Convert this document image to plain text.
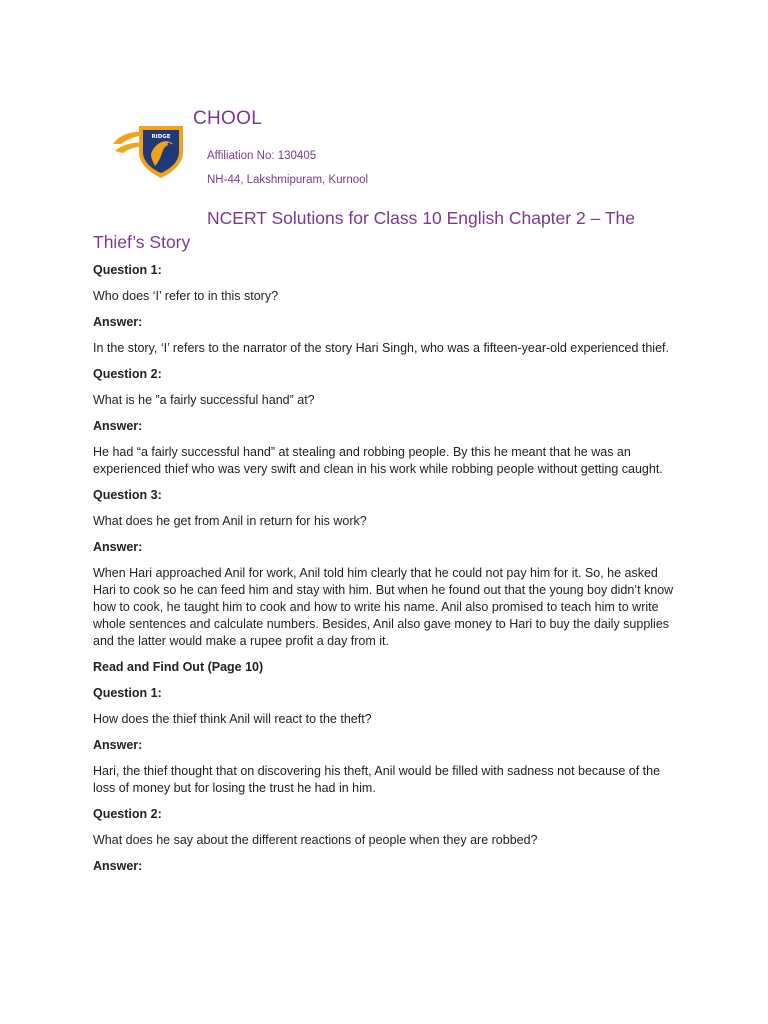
RIDGE
CHOOL
Affiliation No: 130405
NH-44, Lakshmipuram, Kurnool
NCERT Solutions for Class 10 English Chapter 2 – The Thief’s Story

Question 1:

Who does ‘I’ refer to in this story?

Answer:

In the story, ‘I’ refers to the narrator of the story Hari Singh, who was a fifteen-year-old experienced thief.

Question 2:

What is he ”a fairly successful hand” at?

Answer:

He had “a fairly successful hand” at stealing and robbing people. By this he meant that he was an experienced thief who was very swift and clean in his work while robbing people without getting caught.

Question 3:

What does he get from Anil in return for his work?

Answer:

When Hari approached Anil for work, Anil told him clearly that he could not pay him for it. So, he asked Hari to cook so he can feed him and stay with him. But when he found out that the young boy didn’t know how to cook, he taught him to cook and how to write his name. Anil also promised to teach him to write whole sentences and calculate numbers. Besides, Anil also gave money to Hari to buy the daily supplies and the latter would make a rupee profit a day from it.

Read and Find Out (Page 10)

Question 1:

How does the thief think Anil will react to the theft?

Answer:

Hari, the thief thought that on discovering his theft, Anil would be filled with sadness not because of the loss of money but for losing the trust he had in him.

Question 2:

What does he say about the different reactions of people when they are robbed?

Answer:
